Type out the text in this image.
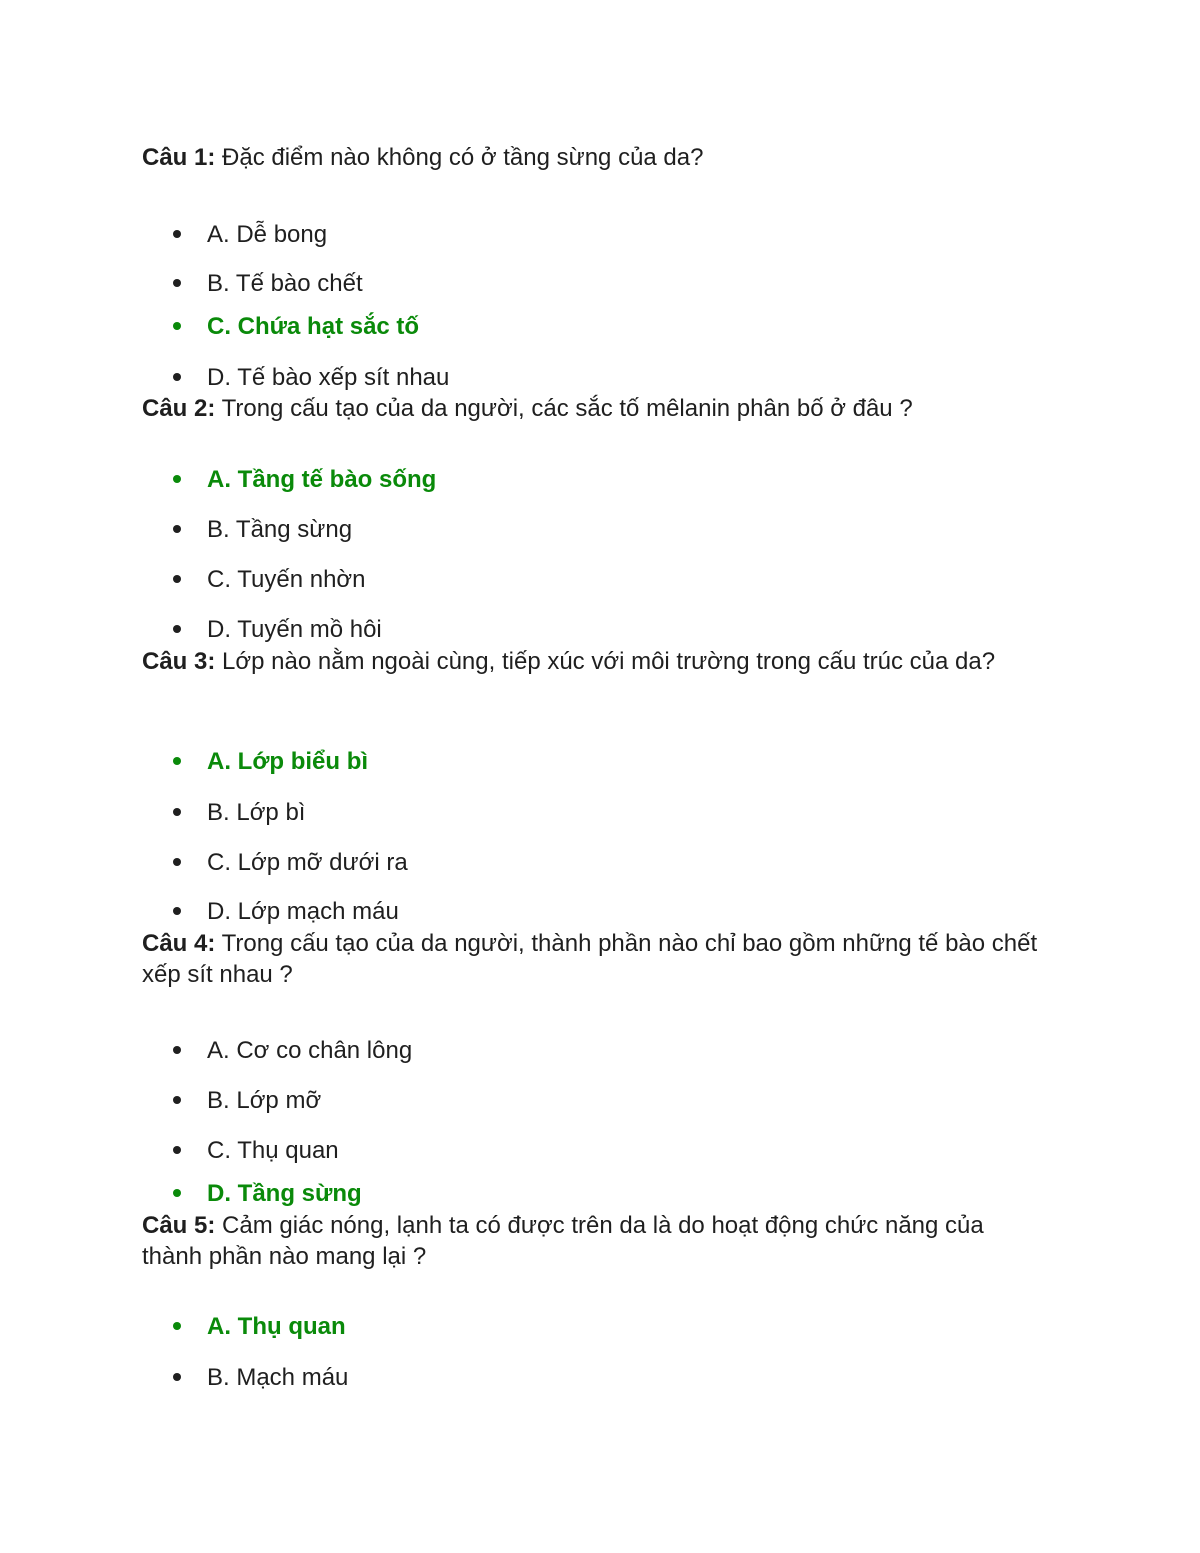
Câu 1: Đặc điểm nào không có ở tầng sừng của da?
A. Dễ bong
B. Tế bào chết
C. Chứa hạt sắc tố
D. Tế bào xếp sít nhau
Câu 2: Trong cấu tạo của da người, các sắc tố mêlanin phân bố ở đâu ?
A. Tầng tế bào sống
B. Tầng sừng
C. Tuyến nhờn
D. Tuyến mồ hôi
Câu 3: Lớp nào nằm ngoài cùng, tiếp xúc với môi trường trong cấu trúc của da?
A. Lớp biểu bì
B. Lớp bì
C. Lớp mỡ dưới ra
D. Lớp mạch máu
Câu 4: Trong cấu tạo của da người, thành phần nào chỉ bao gồm những tế bào chết xếp sít nhau ?
A. Cơ co chân lông
B. Lớp mỡ
C. Thụ quan
D. Tầng sừng
Câu 5: Cảm giác nóng, lạnh ta có được trên da là do hoạt động chức năng của thành phần nào mang lại ?
A. Thụ quan
B. Mạch máu
